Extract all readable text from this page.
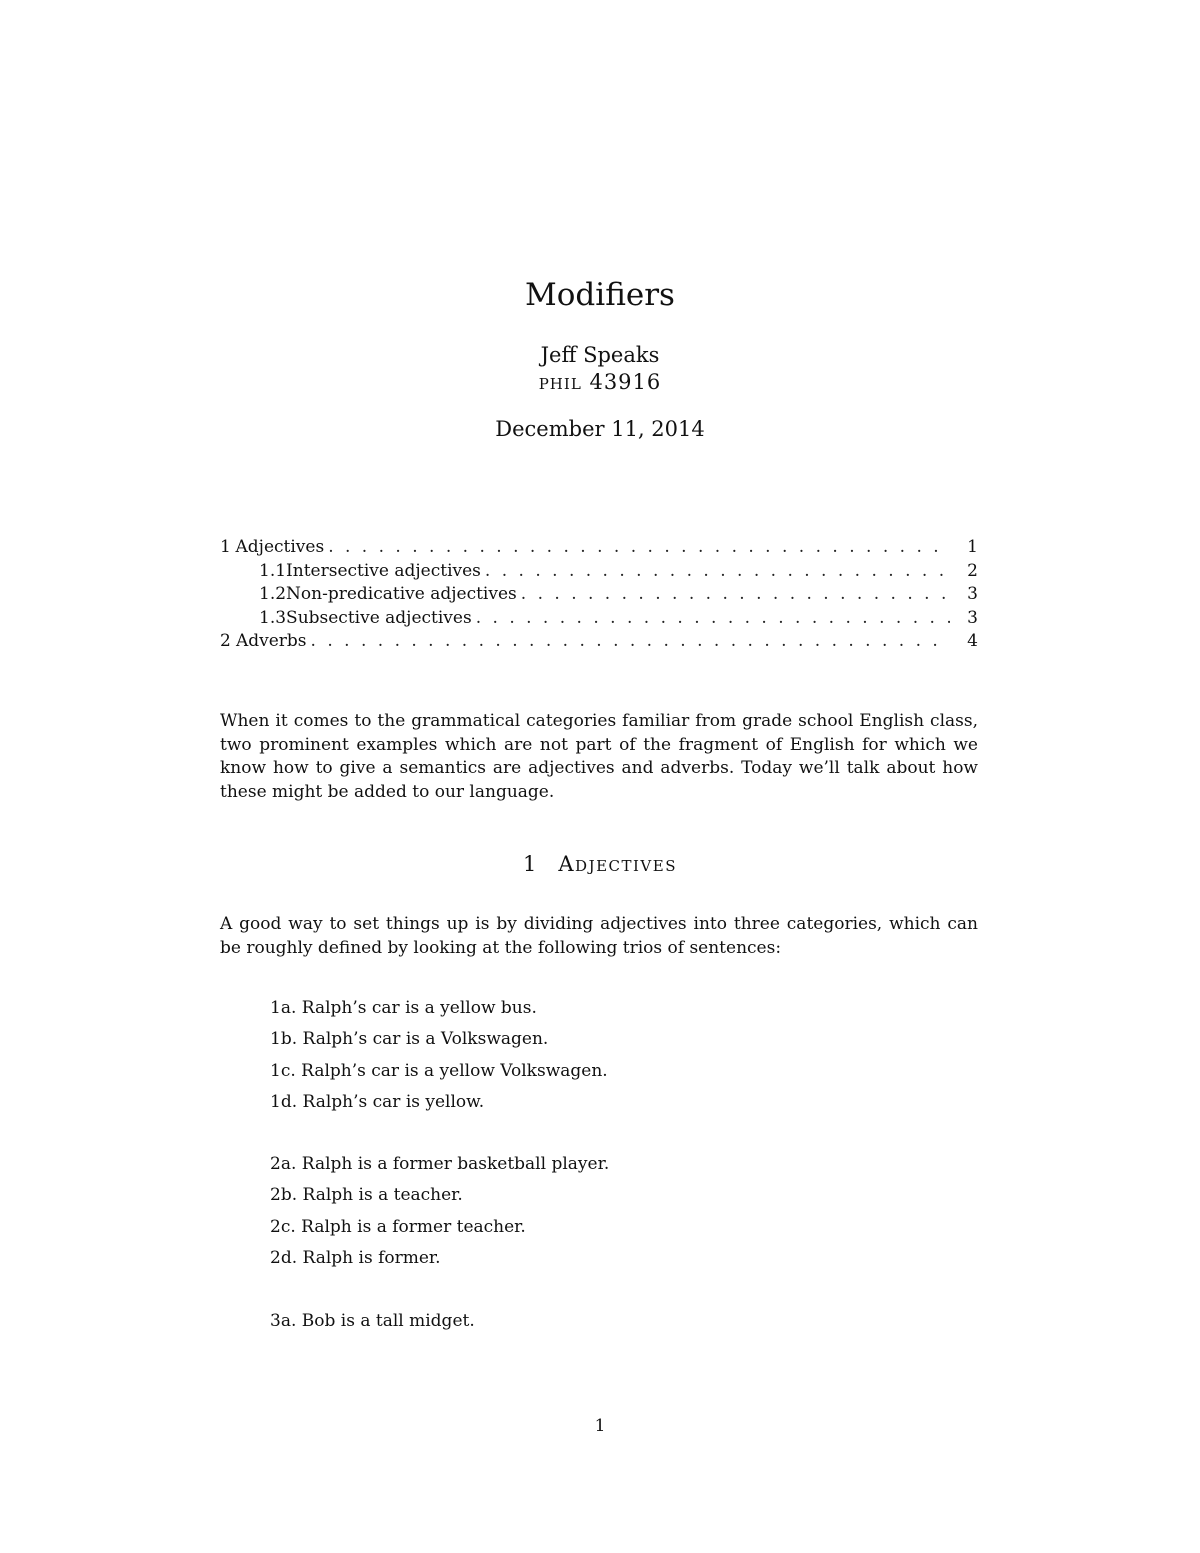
Modifiers
Jeff Speaks
phil 43916
December 11, 2014
1 Adjectives . . .	1
1.1 Intersective adjectives . . .	2
1.2 Non-predicative adjectives . . .	3
1.3 Subsective adjectives . . .	3
2 Adverbs . . .	4

When it comes to the grammatical categories familiar from grade school English class, two prominent examples which are not part of the fragment of English for which we know how to give a semantics are adjectives and adverbs. Today we’ll talk about how these might be added to our language.

1 Adjectives

A good way to set things up is by dividing adjectives into three categories, which can be roughly defined by looking at the following trios of sentences:

1a. Ralph’s car is a yellow bus.
1b. Ralph’s car is a Volkswagen.
1c. Ralph’s car is a yellow Volkswagen.
1d. Ralph’s car is yellow.
2a. Ralph is a former basketball player.
2b. Ralph is a teacher.
2c. Ralph is a former teacher.
2d. Ralph is former.
3a. Bob is a tall midget.
1
